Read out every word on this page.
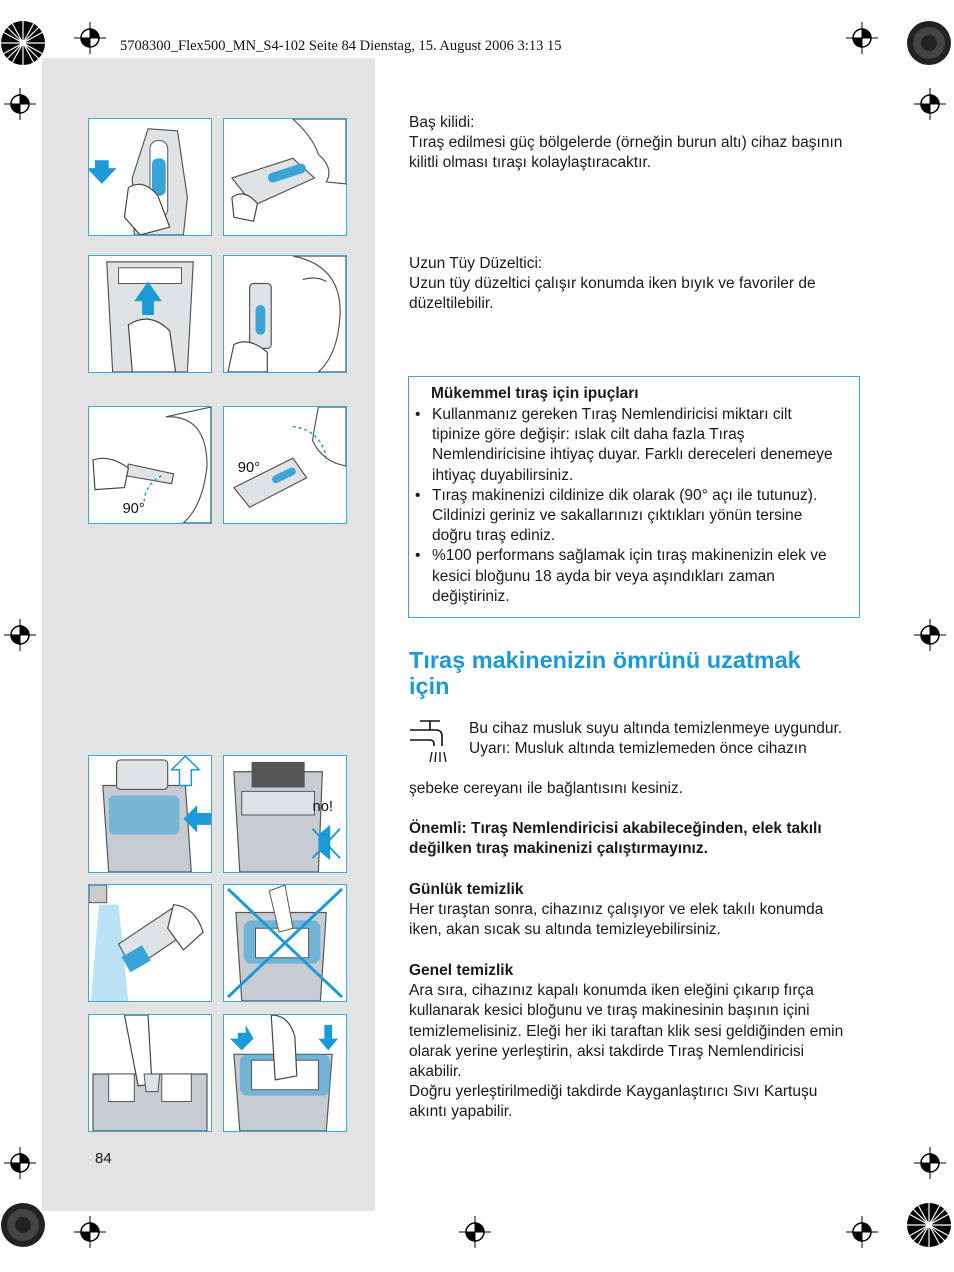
5708300_Flex500_MN_S4-102 Seite 84 Dienstag, 15. August 2006 3:13 15
90°
90°
no!
84
Baş kilidi:
Tıraş edilmesi güç bölgelerde (örneğin burun altı) cihaz başının kilitli olması tıraşı kolaylaştıracaktır.
Uzun Tüy Düzeltici:
Uzun tüy düzeltici çalışır konumda iken bıyık ve favoriler de düzeltilebilir.
Mükemmel tıraş için ipuçları
• Kullanmanız gereken Tıraş Nemlendiricisi miktarı cilt tipinize göre değişir: ıslak cilt daha fazla Tıraş Nemlendiricisine ihtiyaç duyar. Farklı dereceleri denemeye ihtiyaç duyabilirsiniz.
• Tıraş makinenizi cildinize dik olarak (90° açı ile tutunuz). Cildinizi geriniz ve sakallarınızı çıktıkları yönün tersine doğru tıraş ediniz.
• %100 performans sağlamak için tıraş makinenizin elek ve kesici bloğunu 18 ayda bir veya aşındıkları zaman değiştiriniz.
Tıraş makinenizin ömrünü uzatmak için
Bu cihaz musluk suyu altında temizlenmeye uygundur.
Uyarı: Musluk altında temizlemeden önce cihazın
şebeke cereyanı ile bağlantısını kesiniz.
Önemli: Tıraş Nemlendiricisi akabileceğinden, elek takılı değilken tıraş makinenizi çalıştırmayınız.
Günlük temizlik
Her tıraştan sonra, cihazınız çalışıyor ve elek takılı konumda iken, akan sıcak su altında temizleyebilirsiniz.
Genel temizlik
Ara sıra, cihazınız kapalı konumda iken eleğini çıkarıp fırça kullanarak kesici bloğunu ve tıraş makinesinin başının içini temizlemelisiniz. Eleği her iki taraftan klik sesi geldiğinden emin olarak yerine yerleştirin, aksi takdirde Tıraş Nemlendiricisi akabilir.
Doğru yerleştirilmediği takdirde Kayganlaştırıcı Sıvı Kartuşu akıntı yapabilir.
